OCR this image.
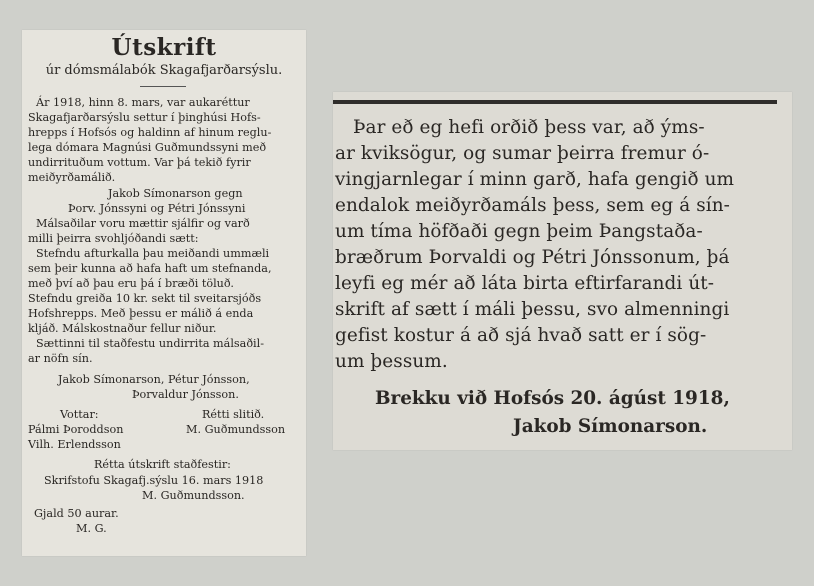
Útskrift
úr dómsmálabók Skagafjarðarsýslu.
Ár 1918, hinn 8. mars, var aukaréttur
Skagafjarðarsýslu settur í þinghúsi Hofs-
hrepps í Hofsós og haldinn af hinum reglu-
lega dómara Magnúsi Guðmundssyni með
undirrituðum vottum. Var þá tekið fyrir
meiðyrðamálið.
Jakob Símonarson gegn
Þorv. Jónssyni og Pétri Jónssyni
Málsaðilar voru mættir sjálfir og varð
milli þeirra svohljóðandi sætt:
Stefndu afturkalla þau meiðandi ummæli
sem þeir kunna að hafa haft um stefnanda,
með því að þau eru þá í bræði töluð.
Stefndu greiða 10 kr. sekt til sveitarsjóðs
Hofshrepps. Með þessu er málið á enda
kljáð. Málskostnaður fellur niður.
Sættinni til staðfestu undirrita málsaðil-
ar nöfn sín.
Jakob Símonarson, Pétur Jónsson,
Þorvaldur Jónsson.
Vottar:	Rétti slitið.
Pálmi Þoroddson	M. Guðmundsson
Vilh. Erlendsson
Rétta útskrift staðfestir:
Skrifstofu Skagafj.sýslu 16. mars 1918
M. Guðmundsson.
Gjald 50 aurar.
M. G.
Þar eð eg hefi orðið þess var, að ýms-
ar kviksögur, og sumar þeirra fremur ó-
vingjarnlegar í minn garð, hafa gengið um
endalok meiðyrðamáls þess, sem eg á sín-
um tíma höfðaði gegn þeim Þangstaða-
bræðrum Þorvaldi og Pétri Jónssonum, þá
leyfi eg mér að láta birta eftirfarandi út-
skrift af sætt í máli þessu, svo almenningi
gefist kostur á að sjá hvað satt er í sög-
um þessum.
Brekku við Hofsós 20. ágúst 1918,
Jakob Símonarson.
